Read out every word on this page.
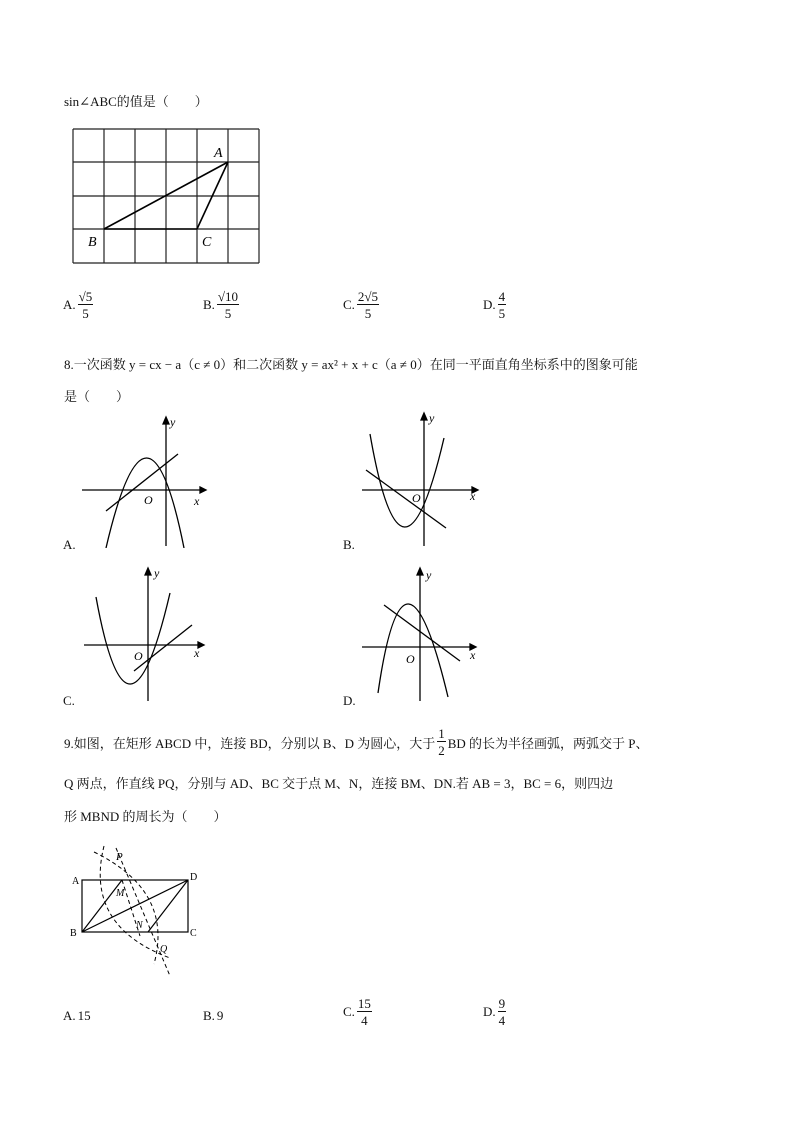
sin∠ABC的值是（　　）
A
B	C
A. $\frac{√5}{5}$	B. $\frac{√10}{5}$	C. $\frac{2√5}{5}$	D. $\frac{4}{5}$
8.一次函数 y = cx − a（c ≠ 0）和二次函数 y = ax² + x + c（a ≠ 0）在同一平面直角坐标系中的图象可能
是（　　）
y
x
O
A.
y
x
O
B.
y
x
O
C.
y
x
O
D.
9.如图，在矩形 ABCD 中，连接 BD，分别以 B、D 为圆心，大于 $\frac{1}{2}$ BD 的长为半径画弧，两弧交于 P、
Q 两点，作直线 PQ，分别与 AD、BC 交于点 M、N，连接 BM、DN.若 AB = 3，BC = 6，则四边
形 MBND 的周长为（　　）
A
B	C
D
P
Q
M
N
A. 15	B. 9	C. $\frac{15}{4}$	D. $\frac{9}{4}$
